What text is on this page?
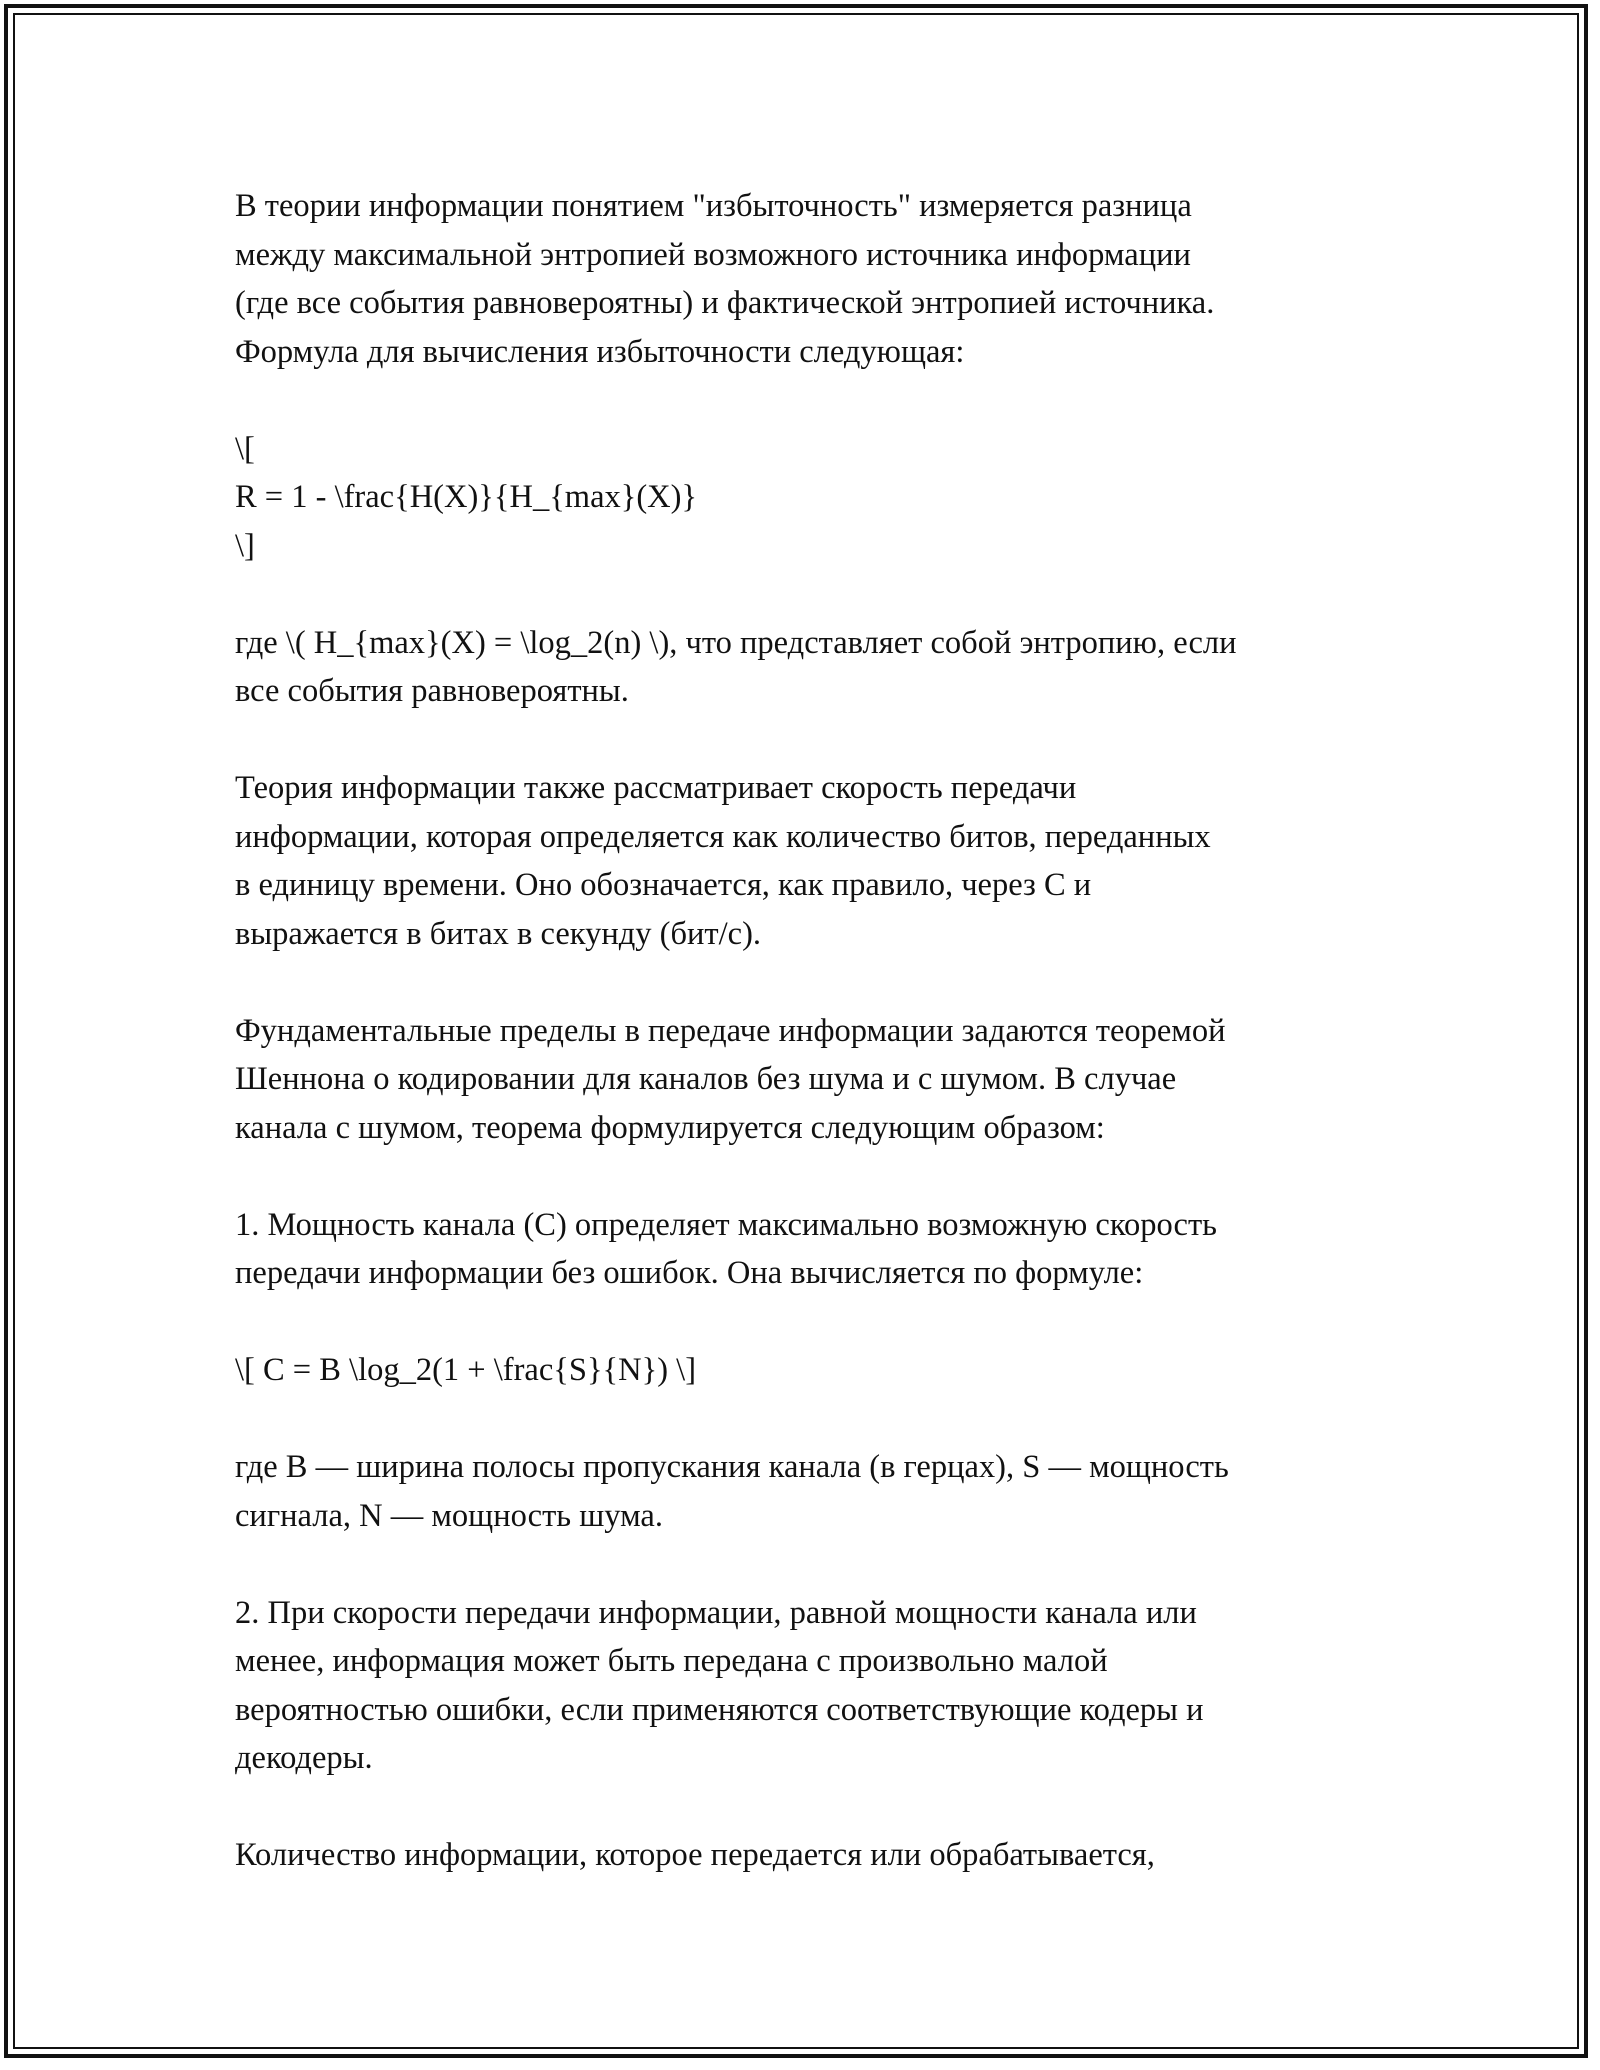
В теории информации понятием "избыточность" измеряется разница
между максимальной энтропией возможного источника информации
(где все события равновероятны) и фактической энтропией источника.
Формула для вычисления избыточности следующая:

\[
R = 1 - \frac{H(X)}{H_{max}(X)}
\]

где \( H_{max}(X) = \log_2(n) \), что представляет собой энтропию, если
все события равновероятны.

Теория информации также рассматривает скорость передачи
информации, которая определяется как количество битов, переданных
в единицу времени. Оно обозначается, как правило, через C и
выражается в битах в секунду (бит/с).

Фундаментальные пределы в передаче информации задаются теоремой
Шеннона о кодировании для каналов без шума и с шумом. В случае
канала с шумом, теорема формулируется следующим образом:

1. Мощность канала (C) определяет максимально возможную скорость
передачи информации без ошибок. Она вычисляется по формуле:

\[ C = B \log_2(1 + \frac{S}{N}) \]

где B — ширина полосы пропускания канала (в герцах), S — мощность
сигнала, N — мощность шума.

2. При скорости передачи информации, равной мощности канала или
менее, информация может быть передана с произвольно малой
вероятностью ошибки, если применяются соответствующие кодеры и
декодеры.

Количество информации, которое передается или обрабатывается,
